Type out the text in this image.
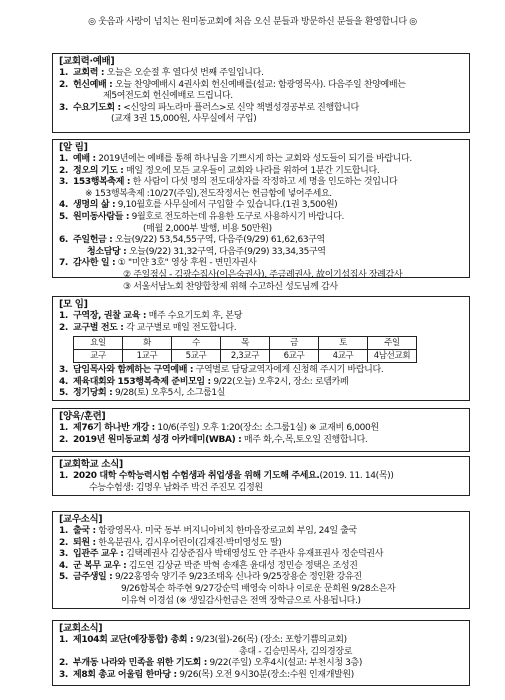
◎ 웃음과 사랑이 넘치는 원미동교회에 처음 오신 분들과 방문하신 분들을 환영합니다 ◎
[교회력·예배]
1. 교회력 : 오늘은 오순절 후 열다섯 번째 주일입니다.
2. 헌신예배 : 오늘 찬양예배시 4권사회 헌신예배를(설교: 함광영목사). 다음주일 찬양예배는
제5여전도회 헌신예배로 드립니다.
3. 수요기도회 : <신앙의 파노라마 플러스>로 신약 책별성경공부로 진행합니다
(교재 3권 15,000원, 사무실에서 구입)
[알 림]
1. 예배 : 2019년에는 예배를 통해 하나님을 기쁘시게 하는 교회와 성도들이 되기를 바랍니다.
2. 정오의 기도 : 매일 정오에 모든 교우들이 교회와 나라를 위하여 1분간 기도합니다.
3. 153행복축제 : 한 사람이 다섯 명의 전도대상자를 작정하고 세 명을 인도하는 것입니다
※ 153행복축제 :10/27(주일),전도작정서는 헌금함에 넣어주세요.
4. 생명의 삶 : 9,10월호를 사무실에서 구입할 수 있습니다.(1권 3,500원)
5. 원미동사람들 : 9월호로 전도하는데 유용한 도구로 사용하시기 바랍니다.
(매월 2,000부 발행, 비용 50만원)
6. 주일헌금 : 오늘(9/22) 53,54,55구역, 다음주(9/29) 61,62,63구역
청소담당 : 오늘(9/22) 31,32구역, 다음주(9/29) 33,34,35구역
7. 감사한 일 : ① "미얀 3호" 영상 후원 - 변민자권사
② 주일점심 - 김광수집사(이은숙권사), 주금례권사, 故이기섭집사 장례감사
③ 서울서남노회 찬양합창제 위해 수고하신 성도님께 감사
[모 임]
1. 구역장, 권찰 교육 : 매주 수요기도회 후, 본당
2. 교구별 전도 : 각 교구별로 매일 전도합니다.
요일	화	수	목	금	토	주일
교구	1교구	5교구	2,3교구	6교구	4교구	4남선교회
3. 담임목사와 함께하는 구역예배 : 구역별로 담당교역자에게 신청해 주시기 바랍니다.
4. 제육대회와 153행복축제 준비모임 : 9/22(오늘) 오후2시, 장소: 로뎀카페
5. 정기당회 : 9/28(토) 오후5시, 소그룹1실
[양육/훈련]
1. 제76기 하나반 개강 : 10/6(주일) 오후 1:20(장소: 소그룹1실) ※ 교재비 6,000원
2. 2019년 원미동교회 성경 아카데미(WBA) : 매주 화,수,목,토오일 진행합니다.
[교회학교 소식]
1. 2020 대학 수학능력시험 수험생과 취업생을 위해 기도해 주세요.(2019. 11. 14(목))
수능수험생: 김명우 남화주 박건 주진모 김정원
[교우소식]
1. 출국 : 함광영목사. 미국 동부 버지니아비치 한마음장로교회 부임, 24일 출국
2. 퇴원 : 한옥분권사, 김시우어린이(김재진·박미영성도 딸)
3. 입관주 교우 : 김택례권사 김상준집사 박태영성도 안 주관사 유재표권사 정순덕권사
4. 군 복무 교우 : 김도연 김상균 박준 박혁 송재흔 윤대성 정민승 정택은 조성진
5. 금주생일 : 9/22홍영숙 양기주 9/23조태옥 신나라 9/25장용순 정인환 강유진
9/26함복순 하주현 9/27강순덕 배영숙 이하나 이로운 문희원 9/28소은자
이유혁 이경섭 (※ 생일감사헌금은 전액 장학금으로 사용됩니다.)
[교회소식]
1. 제104회 교단(예장통합) 총회 : 9/23(월)-26(목) (장소: 포항기쁨의교회)
총대 - 김승민목사, 김의경장로
2. 부개동 나라와 민족을 위한 기도회 : 9/22(주일) 오후4시(설교: 부천시청 3층)
3. 제8회 총교 어울림 한마당 : 9/26(목) 오전 9시30분(장소:수원 인재개발원)
